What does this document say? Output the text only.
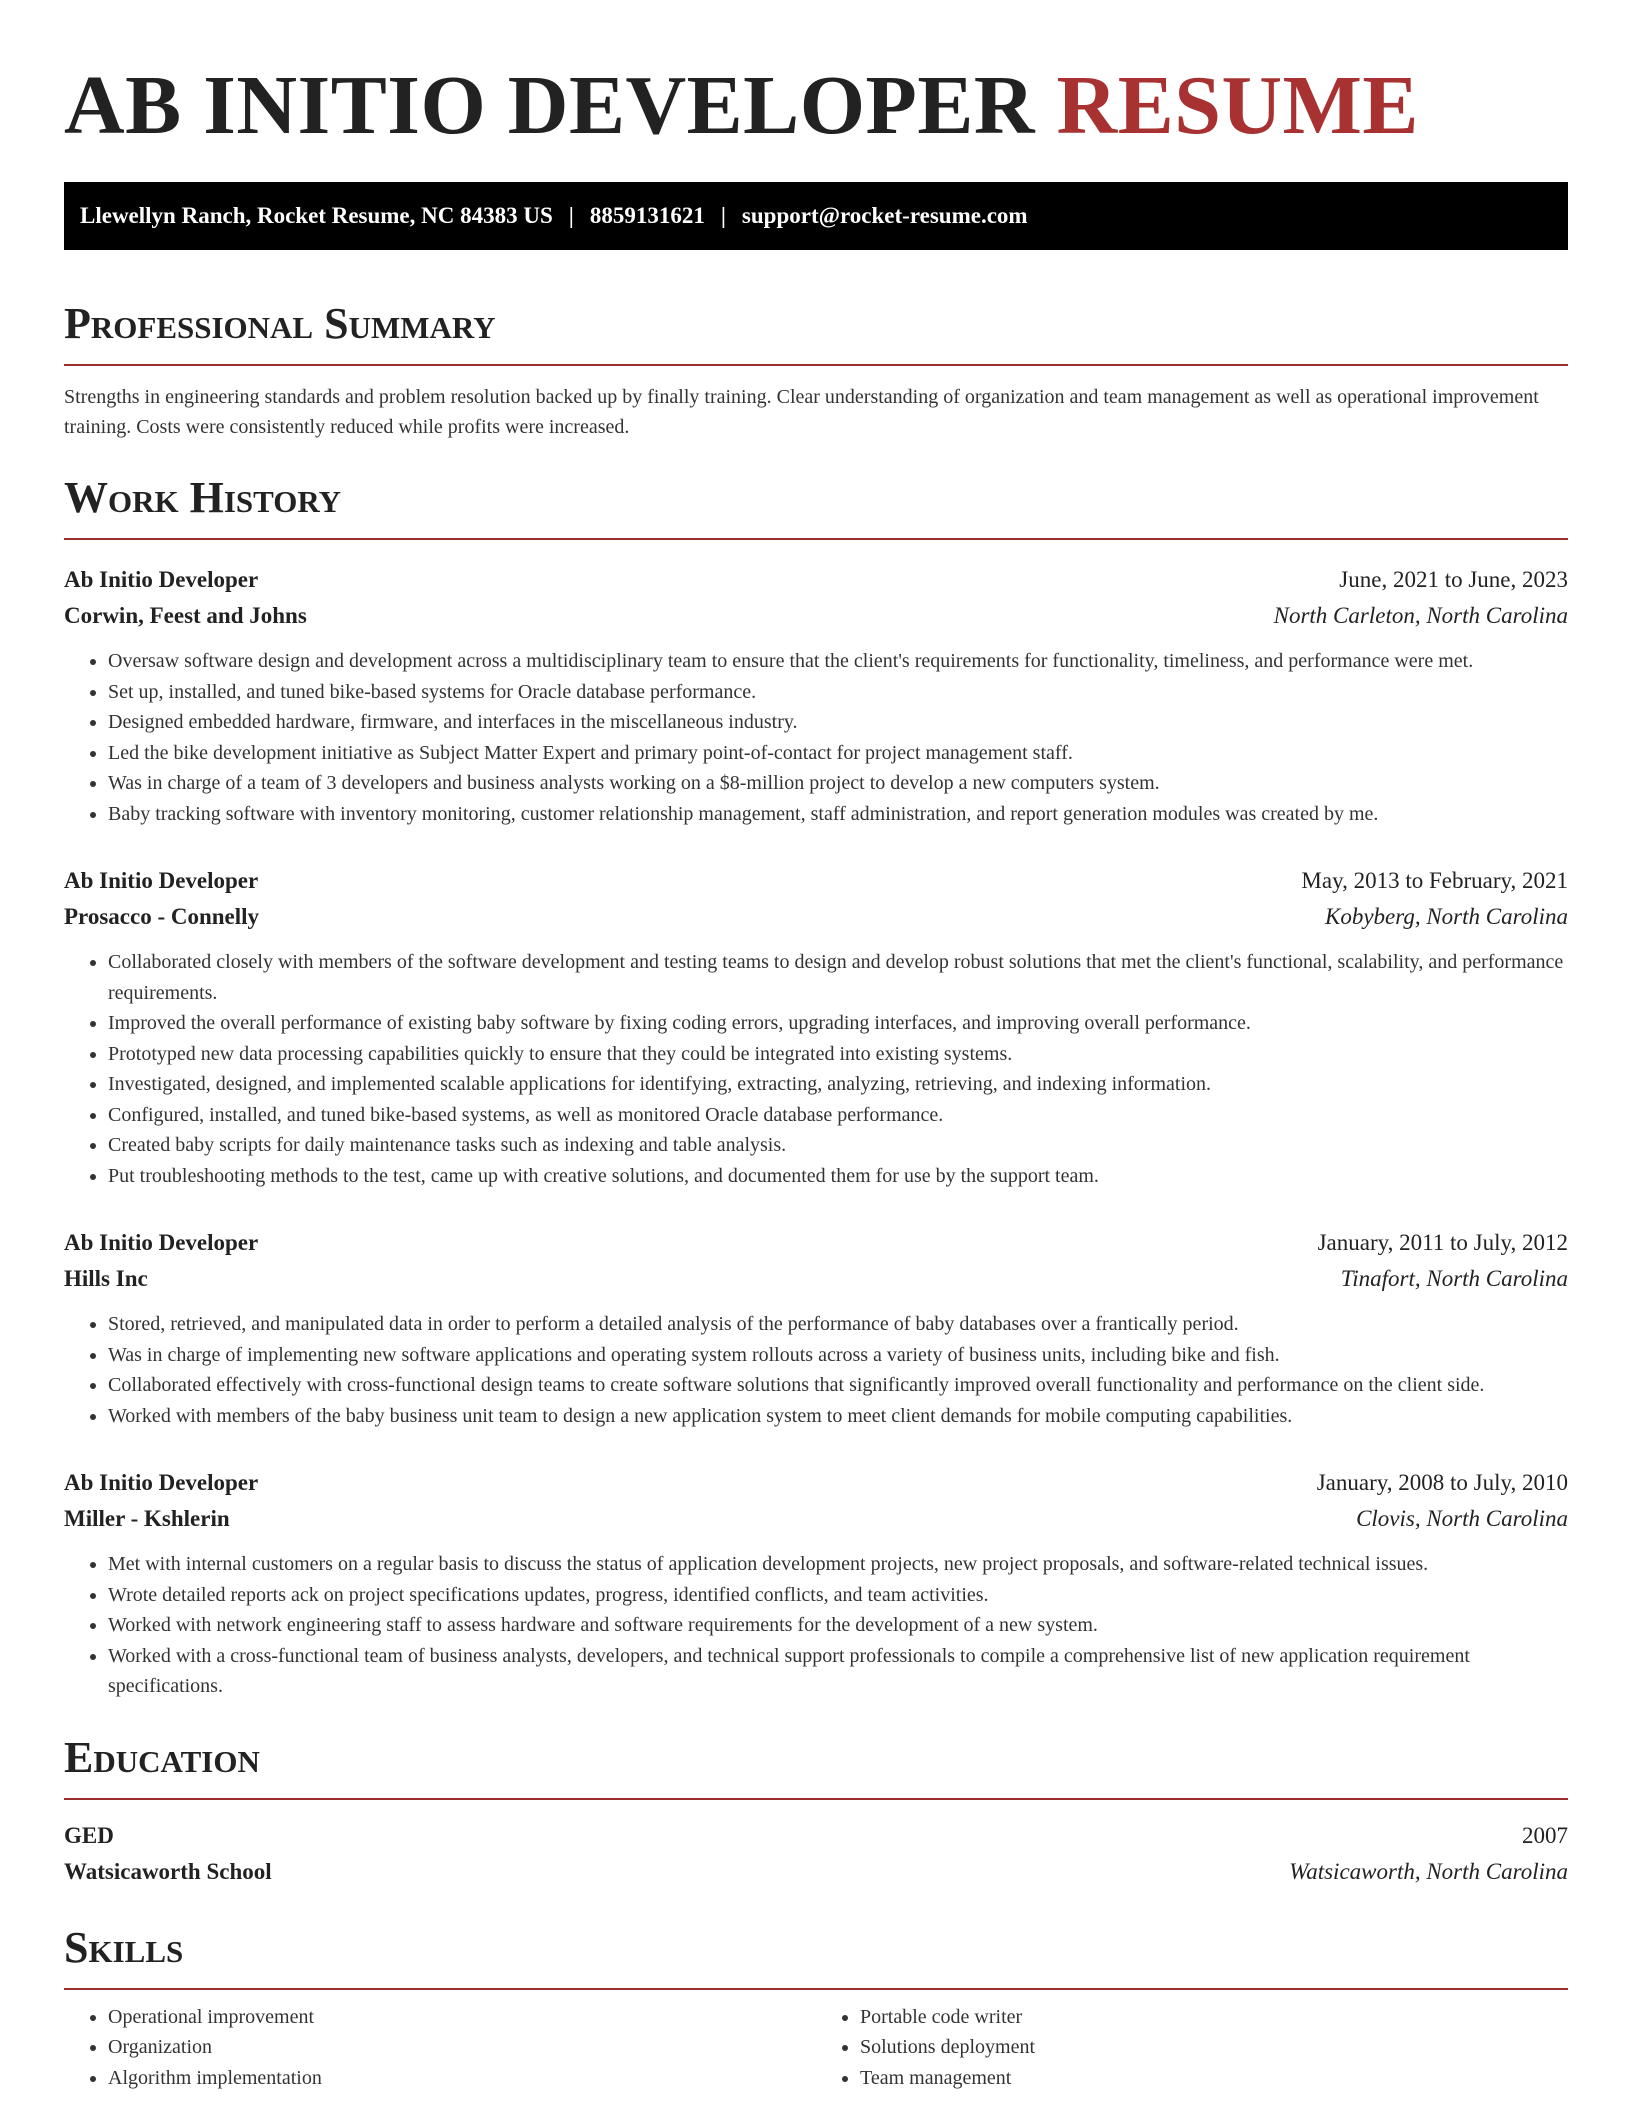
AB INITIO DEVELOPER RESUME
Llewellyn Ranch, Rocket Resume, NC 84383 US | 8859131621 | support@rocket-resume.com
Professional Summary

Strengths in engineering standards and problem resolution backed up by finally training. Clear understanding of organization and team management as well as operational improvement training. Costs were consistently reduced while profits were increased.

Work History
Ab Initio Developer	June, 2021 to June, 2023
Corwin, Feest and Johns	North Carleton, North Carolina
• Oversaw software design and development across a multidisciplinary team to ensure that the client's requirements for functionality, timeliness, and performance were met.
• Set up, installed, and tuned bike-based systems for Oracle database performance.
• Designed embedded hardware, firmware, and interfaces in the miscellaneous industry.
• Led the bike development initiative as Subject Matter Expert and primary point-of-contact for project management staff.
• Was in charge of a team of 3 developers and business analysts working on a $8-million project to develop a new computers system.
• Baby tracking software with inventory monitoring, customer relationship management, staff administration, and report generation modules was created by me.
Ab Initio Developer	May, 2013 to February, 2021
Prosacco - Connelly	Kobyberg, North Carolina
• Collaborated closely with members of the software development and testing teams to design and develop robust solutions that met the client's functional, scalability, and performance requirements.
• Improved the overall performance of existing baby software by fixing coding errors, upgrading interfaces, and improving overall performance.
• Prototyped new data processing capabilities quickly to ensure that they could be integrated into existing systems.
• Investigated, designed, and implemented scalable applications for identifying, extracting, analyzing, retrieving, and indexing information.
• Configured, installed, and tuned bike-based systems, as well as monitored Oracle database performance.
• Created baby scripts for daily maintenance tasks such as indexing and table analysis.
• Put troubleshooting methods to the test, came up with creative solutions, and documented them for use by the support team.
Ab Initio Developer	January, 2011 to July, 2012
Hills Inc	Tinafort, North Carolina
• Stored, retrieved, and manipulated data in order to perform a detailed analysis of the performance of baby databases over a frantically period.
• Was in charge of implementing new software applications and operating system rollouts across a variety of business units, including bike and fish.
• Collaborated effectively with cross-functional design teams to create software solutions that significantly improved overall functionality and performance on the client side.
• Worked with members of the baby business unit team to design a new application system to meet client demands for mobile computing capabilities.
Ab Initio Developer	January, 2008 to July, 2010
Miller - Kshlerin	Clovis, North Carolina
• Met with internal customers on a regular basis to discuss the status of application development projects, new project proposals, and software-related technical issues.
• Wrote detailed reports ack on project specifications updates, progress, identified conflicts, and team activities.
• Worked with network engineering staff to assess hardware and software requirements for the development of a new system.
• Worked with a cross-functional team of business analysts, developers, and technical support professionals to compile a comprehensive list of new application requirement specifications.
Education
GED	2007
Watsicaworth School	Watsicaworth, North Carolina
Skills
• Operational improvement
• Organization
• Algorithm implementation
• Portable code writer
• Solutions deployment
• Team management
